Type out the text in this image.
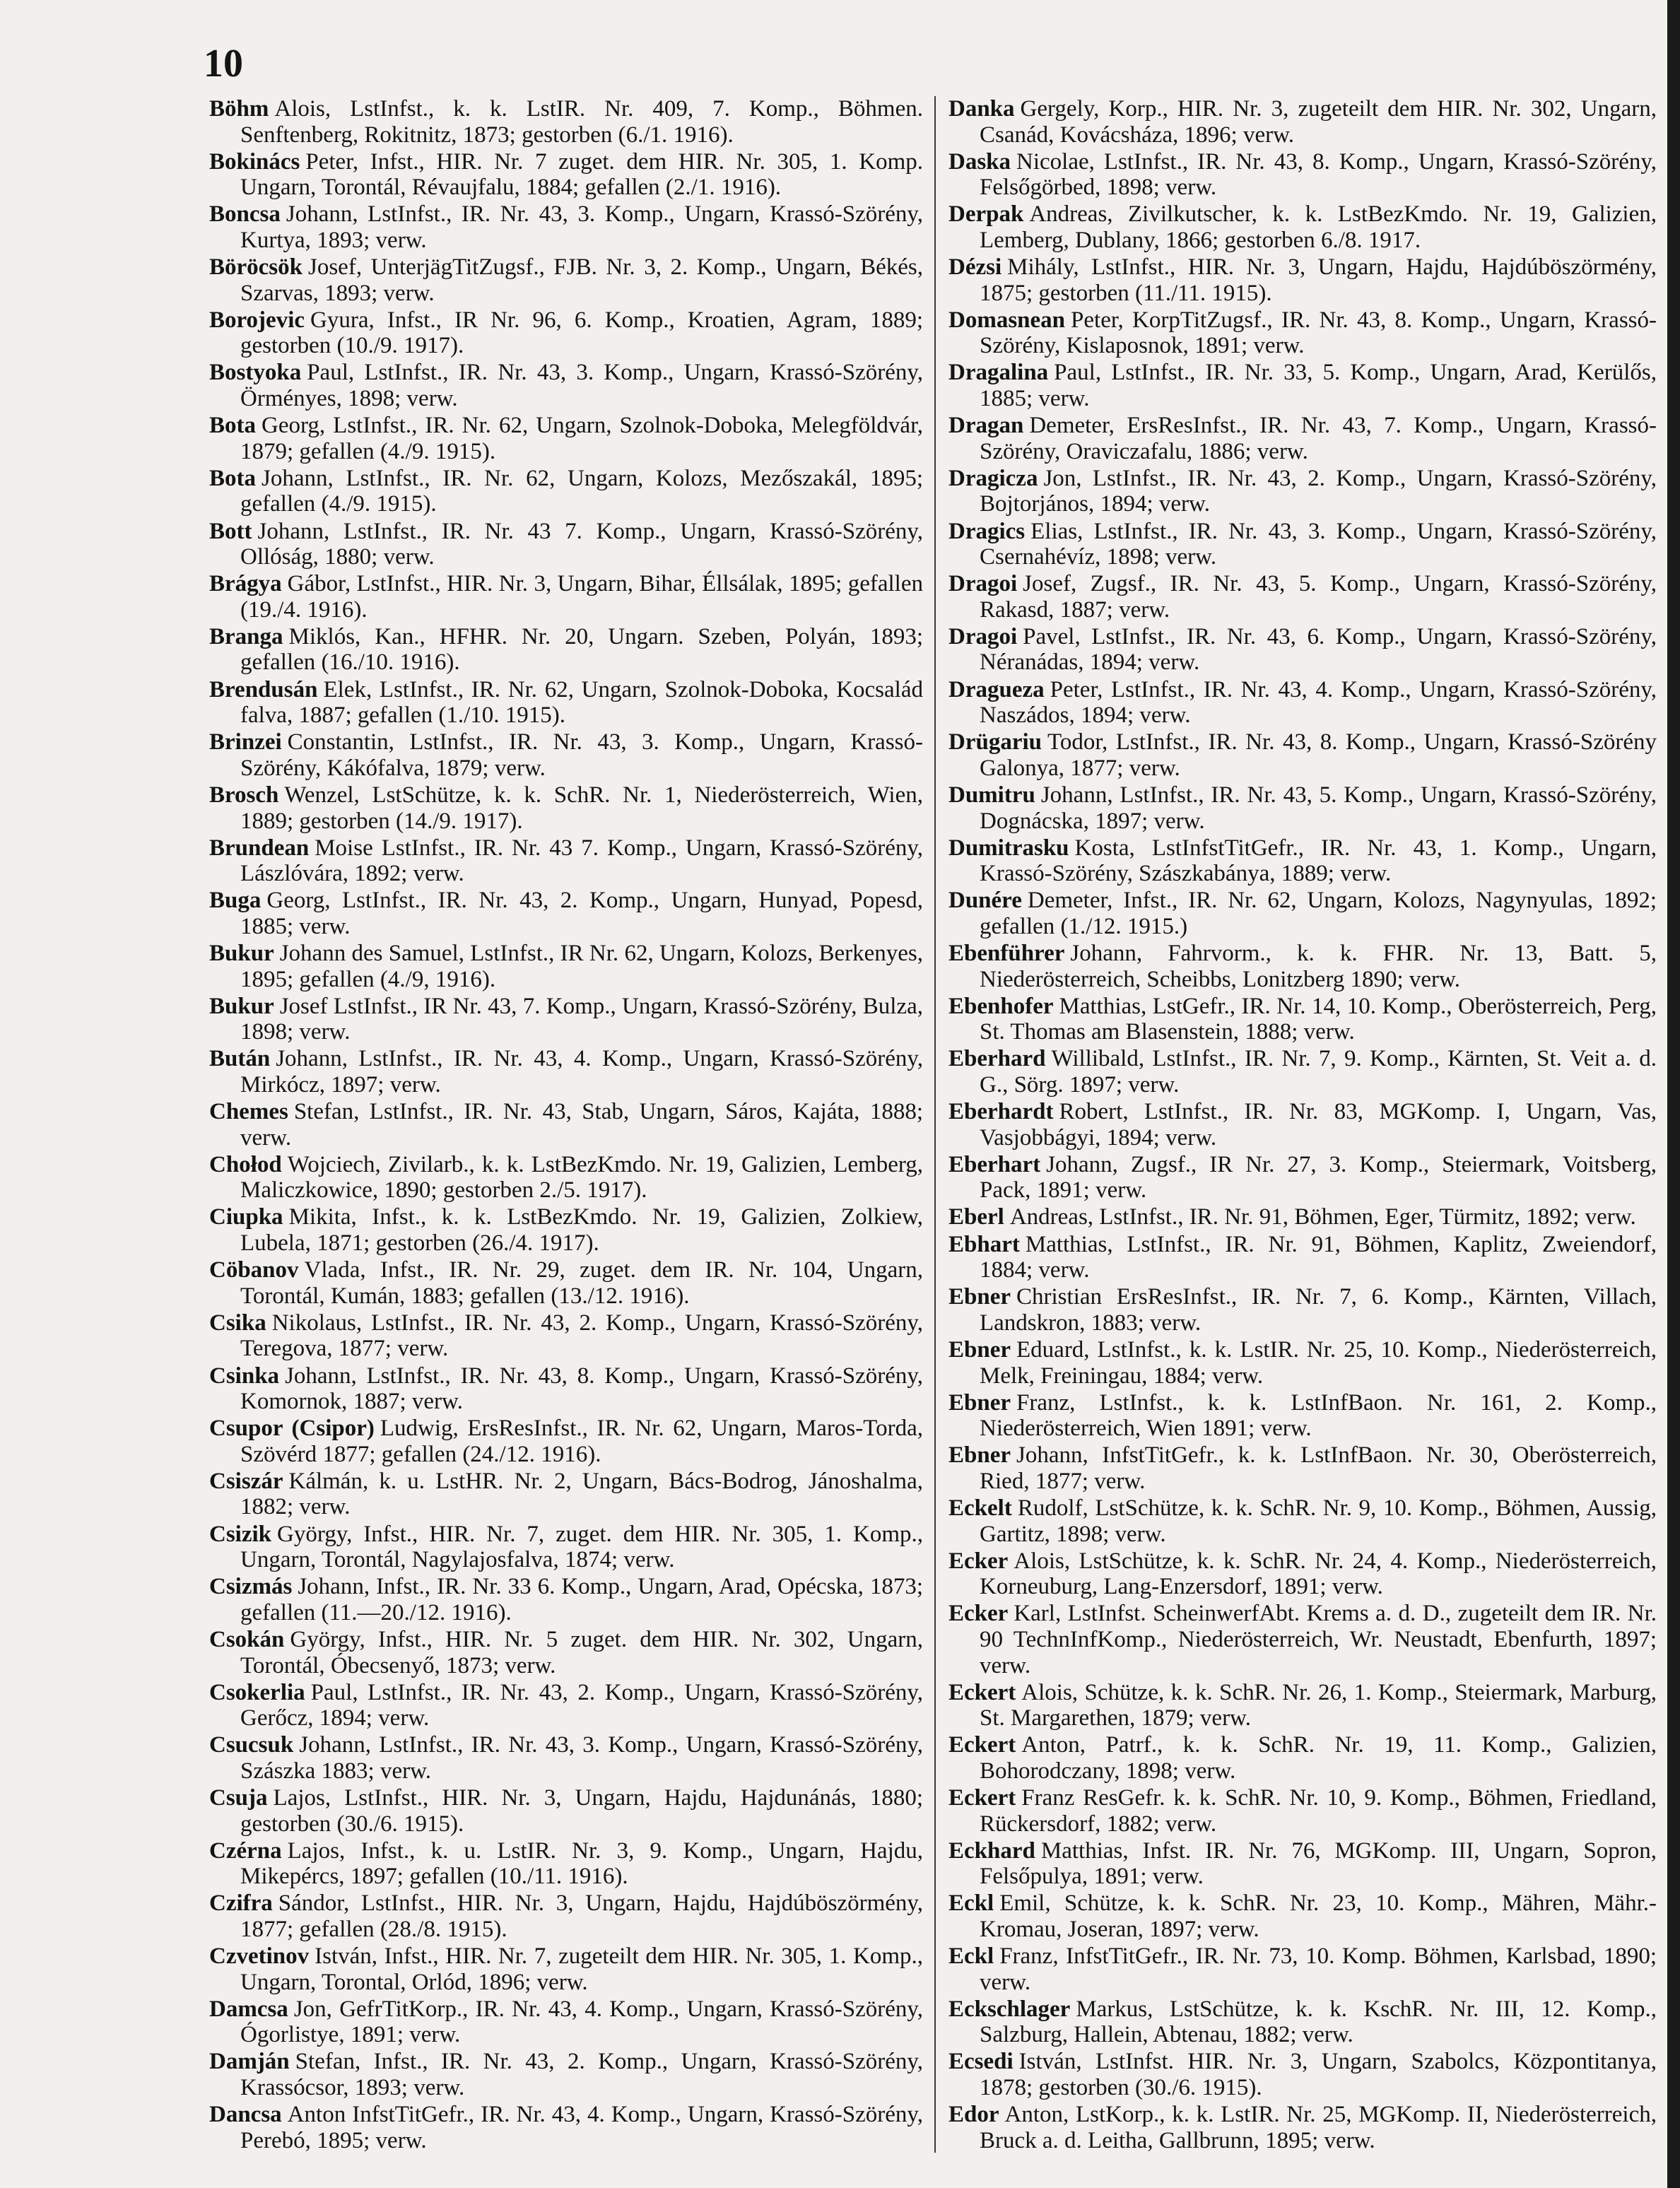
10

Böhm Alois, LstInfst., k. k. LstIR. Nr. 409, 7. Komp., Böhmen. Senftenberg, Rokitnitz, 1873; gestorben (6./1. 1916).

Bokinács Peter, Infst., HIR. Nr. 7 zuget. dem HIR. Nr. 305, 1. Komp. Ungarn, Torontál, Révaujfalu, 1884; gefallen (2./1. 1916).

Boncsa Johann, LstInfst., IR. Nr. 43, 3. Komp., Ungarn, Krassó-Szörény, Kurtya, 1893; verw.

Böröcsök Josef, UnterjägTitZugsf., FJB. Nr. 3, 2. Komp., Ungarn, Békés, Szarvas, 1893; verw.

Borojevic Gyura, Infst., IR Nr. 96, 6. Komp., Kroatien, Agram, 1889; gestorben (10./9. 1917).

Bostyoka Paul, LstInfst., IR. Nr. 43, 3. Komp., Ungarn, Krassó-Szörény, Örményes, 1898; verw.

Bota Georg, LstInfst., IR. Nr. 62, Ungarn, Szolnok-Doboka, Melegföldvár, 1879; gefallen (4./9. 1915).

Bota Johann, LstInfst., IR. Nr. 62, Ungarn, Kolozs, Mezőszakál, 1895; gefallen (4./9. 1915).

Bott Johann, LstInfst., IR. Nr. 43 7. Komp., Ungarn, Krassó-Szörény, Ollóság, 1880; verw.

Brágya Gábor, LstInfst., HIR. Nr. 3, Ungarn, Bihar, Éllsálak, 1895; gefallen (19./4. 1916).

Branga Miklós, Kan., HFHR. Nr. 20, Ungarn. Szeben, Polyán, 1893; gefallen (16./10. 1916).

Brendusán Elek, LstInfst., IR. Nr. 62, Ungarn, Szolnok-Doboka, Kocsalád falva, 1887; gefallen (1./10. 1915).

Brinzei Constantin, LstInfst., IR. Nr. 43, 3. Komp., Ungarn, Krassó-Szörény, Kákófalva, 1879; verw.

Brosch Wenzel, LstSchütze, k. k. SchR. Nr. 1, Niederösterreich, Wien, 1889; gestorben (14./9. 1917).

Brundean Moise LstInfst., IR. Nr. 43 7. Komp., Ungarn, Krassó-Szörény, Lászlóvára, 1892; verw.

Buga Georg, LstInfst., IR. Nr. 43, 2. Komp., Ungarn, Hunyad, Popesd, 1885; verw.

Bukur Johann des Samuel, LstInfst., IR Nr. 62, Ungarn, Kolozs, Berkenyes, 1895; gefallen (4./9, 1916).

Bukur Josef LstInfst., IR Nr. 43, 7. Komp., Ungarn, Krassó-Szörény, Bulza, 1898; verw.

Bután Johann, LstInfst., IR. Nr. 43, 4. Komp., Ungarn, Krassó-Szörény, Mirkócz, 1897; verw.

Chemes Stefan, LstInfst., IR. Nr. 43, Stab, Ungarn, Sáros, Kajáta, 1888; verw.

Chołod Wojciech, Zivilarb., k. k. LstBezKmdo. Nr. 19, Galizien, Lemberg, Maliczkowice, 1890; gestorben 2./5. 1917).

Ciupka Mikita, Infst., k. k. LstBezKmdo. Nr. 19, Galizien, Zolkiew, Lubela, 1871; gestorben (26./4. 1917).

Cöbanov Vlada, Infst., IR. Nr. 29, zuget. dem IR. Nr. 104, Ungarn, Torontál, Kumán, 1883; gefallen (13./12. 1916).

Csika Nikolaus, LstInfst., IR. Nr. 43, 2. Komp., Ungarn, Krassó-Szörény, Teregova, 1877; verw.

Csinka Johann, LstInfst., IR. Nr. 43, 8. Komp., Ungarn, Krassó-Szörény, Komornok, 1887; verw.

Csupor (Csipor) Ludwig, ErsResInfst., IR. Nr. 62, Ungarn, Maros-Torda, Szövérd 1877; gefallen (24./12. 1916).

Csiszár Kálmán, k. u. LstHR. Nr. 2, Ungarn, Bács-Bodrog, Jánoshalma, 1882; verw.

Csizik György, Infst., HIR. Nr. 7, zuget. dem HIR. Nr. 305, 1. Komp., Ungarn, Torontál, Nagylajosfalva, 1874; verw.

Csizmás Johann, Infst., IR. Nr. 33 6. Komp., Ungarn, Arad, Opécska, 1873; gefallen (11.—20./12. 1916).

Csokán György, Infst., HIR. Nr. 5 zuget. dem HIR. Nr. 302, Ungarn, Torontál, Óbecsenyő, 1873; verw.

Csokerlia Paul, LstInfst., IR. Nr. 43, 2. Komp., Ungarn, Krassó-Szörény, Gerőcz, 1894; verw.

Csucsuk Johann, LstInfst., IR. Nr. 43, 3. Komp., Ungarn, Krassó-Szörény, Szászka 1883; verw.

Csuja Lajos, LstInfst., HIR. Nr. 3, Ungarn, Hajdu, Hajdunánás, 1880; gestorben (30./6. 1915).

Czérna Lajos, Infst., k. u. LstIR. Nr. 3, 9. Komp., Ungarn, Hajdu, Mikepércs, 1897; gefallen (10./11. 1916).

Czifra Sándor, LstInfst., HIR. Nr. 3, Ungarn, Hajdu, Hajdúböszörmény, 1877; gefallen (28./8. 1915).

Czvetinov István, Infst., HIR. Nr. 7, zugeteilt dem HIR. Nr. 305, 1. Komp., Ungarn, Torontal, Orlód, 1896; verw.

Damcsa Jon, GefrTitKorp., IR. Nr. 43, 4. Komp., Ungarn, Krassó-Szörény, Ógorlistye, 1891; verw.

Damján Stefan, Infst., IR. Nr. 43, 2. Komp., Ungarn, Krassó-Szörény, Krassócsor, 1893; verw.

Dancsa Anton InfstTitGefr., IR. Nr. 43, 4. Komp., Ungarn, Krassó-Szörény, Perebó, 1895; verw.

Danka Gergely, Korp., HIR. Nr. 3, zugeteilt dem HIR. Nr. 302, Ungarn, Csanád, Kovácsháza, 1896; verw.

Daska Nicolae, LstInfst., IR. Nr. 43, 8. Komp., Ungarn, Krassó-Szörény, Felsőgörbed, 1898; verw.

Derpak Andreas, Zivilkutscher, k. k. LstBezKmdo. Nr. 19, Galizien, Lemberg, Dublany, 1866; gestorben 6./8. 1917.

Dézsi Mihály, LstInfst., HIR. Nr. 3, Ungarn, Hajdu, Hajdúböszörmény, 1875; gestorben (11./11. 1915).

Domasnean Peter, KorpTitZugsf., IR. Nr. 43, 8. Komp., Ungarn, Krassó-Szörény, Kislaposnok, 1891; verw.

Dragalina Paul, LstInfst., IR. Nr. 33, 5. Komp., Ungarn, Arad, Kerülős, 1885; verw.

Dragan Demeter, ErsResInfst., IR. Nr. 43, 7. Komp., Ungarn, Krassó-Szörény, Oraviczafalu, 1886; verw.

Dragicza Jon, LstInfst., IR. Nr. 43, 2. Komp., Ungarn, Krassó-Szörény, Bojtorjános, 1894; verw.

Dragics Elias, LstInfst., IR. Nr. 43, 3. Komp., Ungarn, Krassó-Szörény, Csernahévíz, 1898; verw.

Dragoi Josef, Zugsf., IR. Nr. 43, 5. Komp., Ungarn, Krassó-Szörény, Rakasd, 1887; verw.

Dragoi Pavel, LstInfst., IR. Nr. 43, 6. Komp., Ungarn, Krassó-Szörény, Néranádas, 1894; verw.

Dragueza Peter, LstInfst., IR. Nr. 43, 4. Komp., Ungarn, Krassó-Szörény, Naszádos, 1894; verw.

Drügariu Todor, LstInfst., IR. Nr. 43, 8. Komp., Ungarn, Krassó-Szörény Galonya, 1877; verw.

Dumitru Johann, LstInfst., IR. Nr. 43, 5. Komp., Ungarn, Krassó-Szörény, Dognácska, 1897; verw.

Dumitrasku Kosta, LstInfstTitGefr., IR. Nr. 43, 1. Komp., Ungarn, Krassó-Szörény, Szászkabánya, 1889; verw.

Dunére Demeter, Infst., IR. Nr. 62, Ungarn, Kolozs, Nagynyulas, 1892; gefallen (1./12. 1915.)

Ebenführer Johann, Fahrvorm., k. k. FHR. Nr. 13, Batt. 5, Niederösterreich, Scheibbs, Lonitzberg 1890; verw.

Ebenhofer Matthias, LstGefr., IR. Nr. 14, 10. Komp., Oberösterreich, Perg, St. Thomas am Blasenstein, 1888; verw.

Eberhard Willibald, LstInfst., IR. Nr. 7, 9. Komp., Kärnten, St. Veit a. d. G., Sörg. 1897; verw.

Eberhardt Robert, LstInfst., IR. Nr. 83, MGKomp. I, Ungarn, Vas, Vasjobbágyi, 1894; verw.

Eberhart Johann, Zugsf., IR Nr. 27, 3. Komp., Steiermark, Voitsberg, Pack, 1891; verw.

Eberl Andreas, LstInfst., IR. Nr. 91, Böhmen, Eger, Türmitz, 1892; verw.

Ebhart Matthias, LstInfst., IR. Nr. 91, Böhmen, Kaplitz, Zweiendorf, 1884; verw.

Ebner Christian ErsResInfst., IR. Nr. 7, 6. Komp., Kärnten, Villach, Landskron, 1883; verw.

Ebner Eduard, LstInfst., k. k. LstIR. Nr. 25, 10. Komp., Niederösterreich, Melk, Freiningau, 1884; verw.

Ebner Franz, LstInfst., k. k. LstInfBaon. Nr. 161, 2. Komp., Niederösterreich, Wien 1891; verw.

Ebner Johann, InfstTitGefr., k. k. LstInfBaon. Nr. 30, Oberösterreich, Ried, 1877; verw.

Eckelt Rudolf, LstSchütze, k. k. SchR. Nr. 9, 10. Komp., Böhmen, Aussig, Gartitz, 1898; verw.

Ecker Alois, LstSchütze, k. k. SchR. Nr. 24, 4. Komp., Niederösterreich, Korneuburg, Lang-Enzersdorf, 1891; verw.

Ecker Karl, LstInfst. ScheinwerfAbt. Krems a. d. D., zugeteilt dem IR. Nr. 90 TechnInfKomp., Niederösterreich, Wr. Neustadt, Ebenfurth, 1897; verw.

Eckert Alois, Schütze, k. k. SchR. Nr. 26, 1. Komp., Steiermark, Marburg, St. Margarethen, 1879; verw.

Eckert Anton, Patrf., k. k. SchR. Nr. 19, 11. Komp., Galizien, Bohorodczany, 1898; verw.

Eckert Franz ResGefr. k. k. SchR. Nr. 10, 9. Komp., Böhmen, Friedland, Rückersdorf, 1882; verw.

Eckhard Matthias, Infst. IR. Nr. 76, MGKomp. III, Ungarn, Sopron, Felsőpulya, 1891; verw.

Eckl Emil, Schütze, k. k. SchR. Nr. 23, 10. Komp., Mähren, Mähr.-Kromau, Joseran, 1897; verw.

Eckl Franz, InfstTitGefr., IR. Nr. 73, 10. Komp. Böhmen, Karlsbad, 1890; verw.

Eckschlager Markus, LstSchütze, k. k. KschR. Nr. III, 12. Komp., Salzburg, Hallein, Abtenau, 1882; verw.

Ecsedi István, LstInfst. HIR. Nr. 3, Ungarn, Szabolcs, Központitanya, 1878; gestorben (30./6. 1915).

Edor Anton, LstKorp., k. k. LstIR. Nr. 25, MGKomp. II, Niederösterreich, Bruck a. d. Leitha, Gallbrunn, 1895; verw.
